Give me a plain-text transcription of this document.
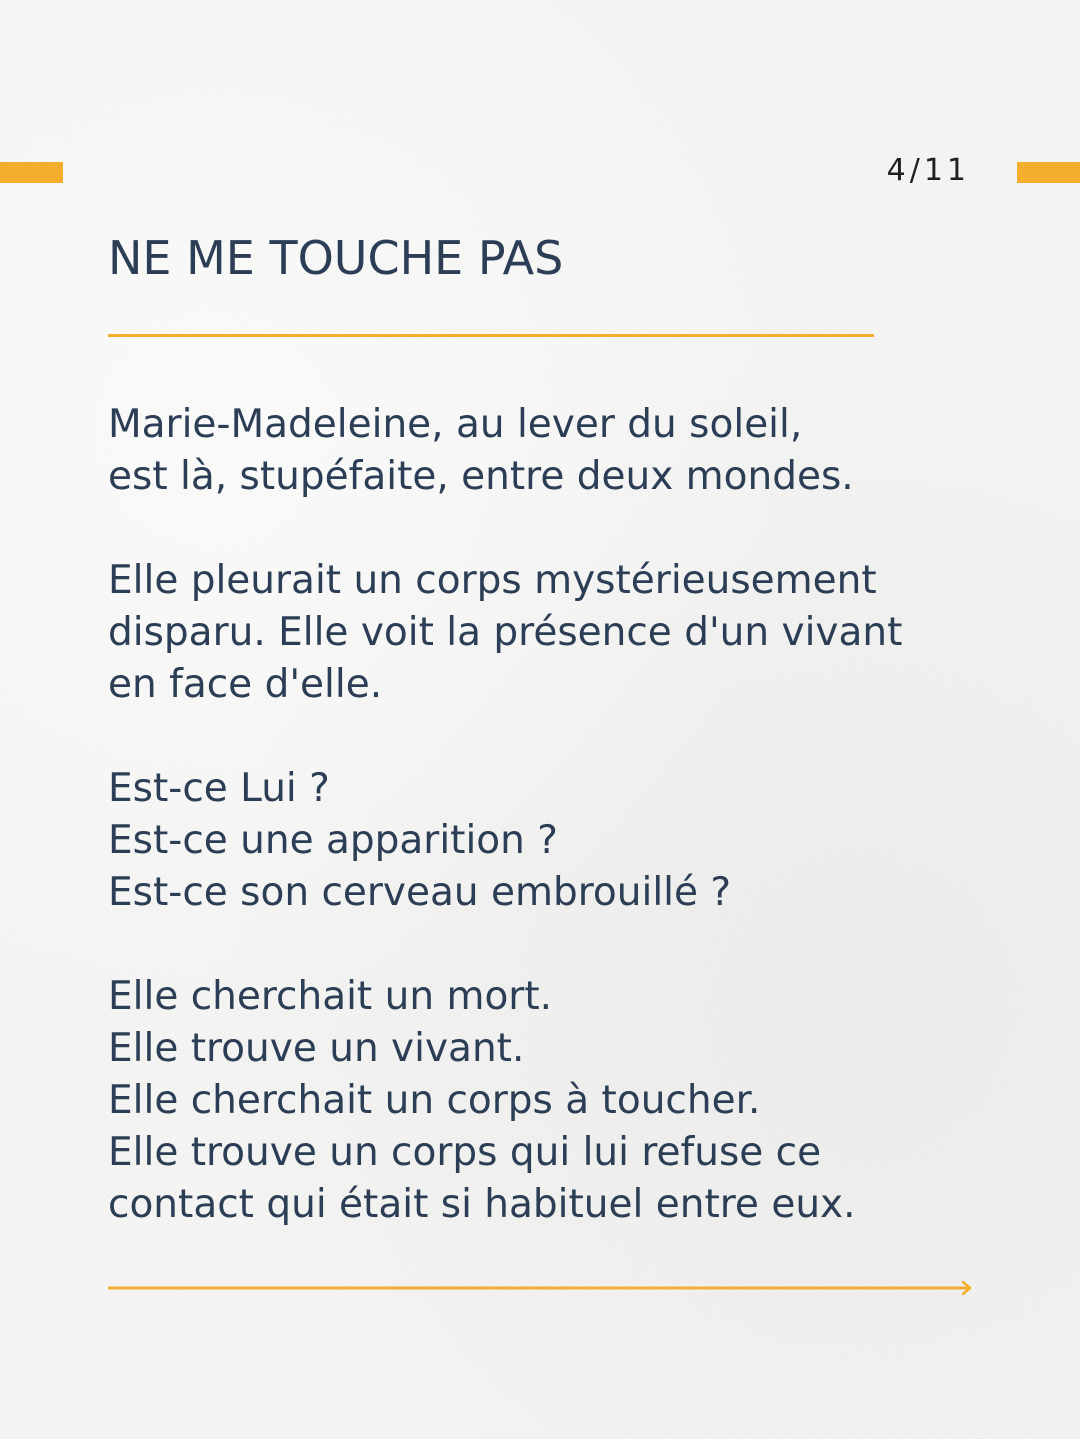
4/11
NE ME TOUCHE PAS

Marie-Madeleine, au lever du soleil,
est là, stupéfaite, entre deux mondes.

Elle pleurait un corps mystérieusement
disparu. Elle voit la présence d'un vivant
en face d'elle.

Est-ce Lui ?
Est-ce une apparition ?
Est-ce son cerveau embrouillé ?

Elle cherchait un mort.
Elle trouve un vivant.
Elle cherchait un corps à toucher.
Elle trouve un corps qui lui refuse ce
contact qui était si habituel entre eux.
